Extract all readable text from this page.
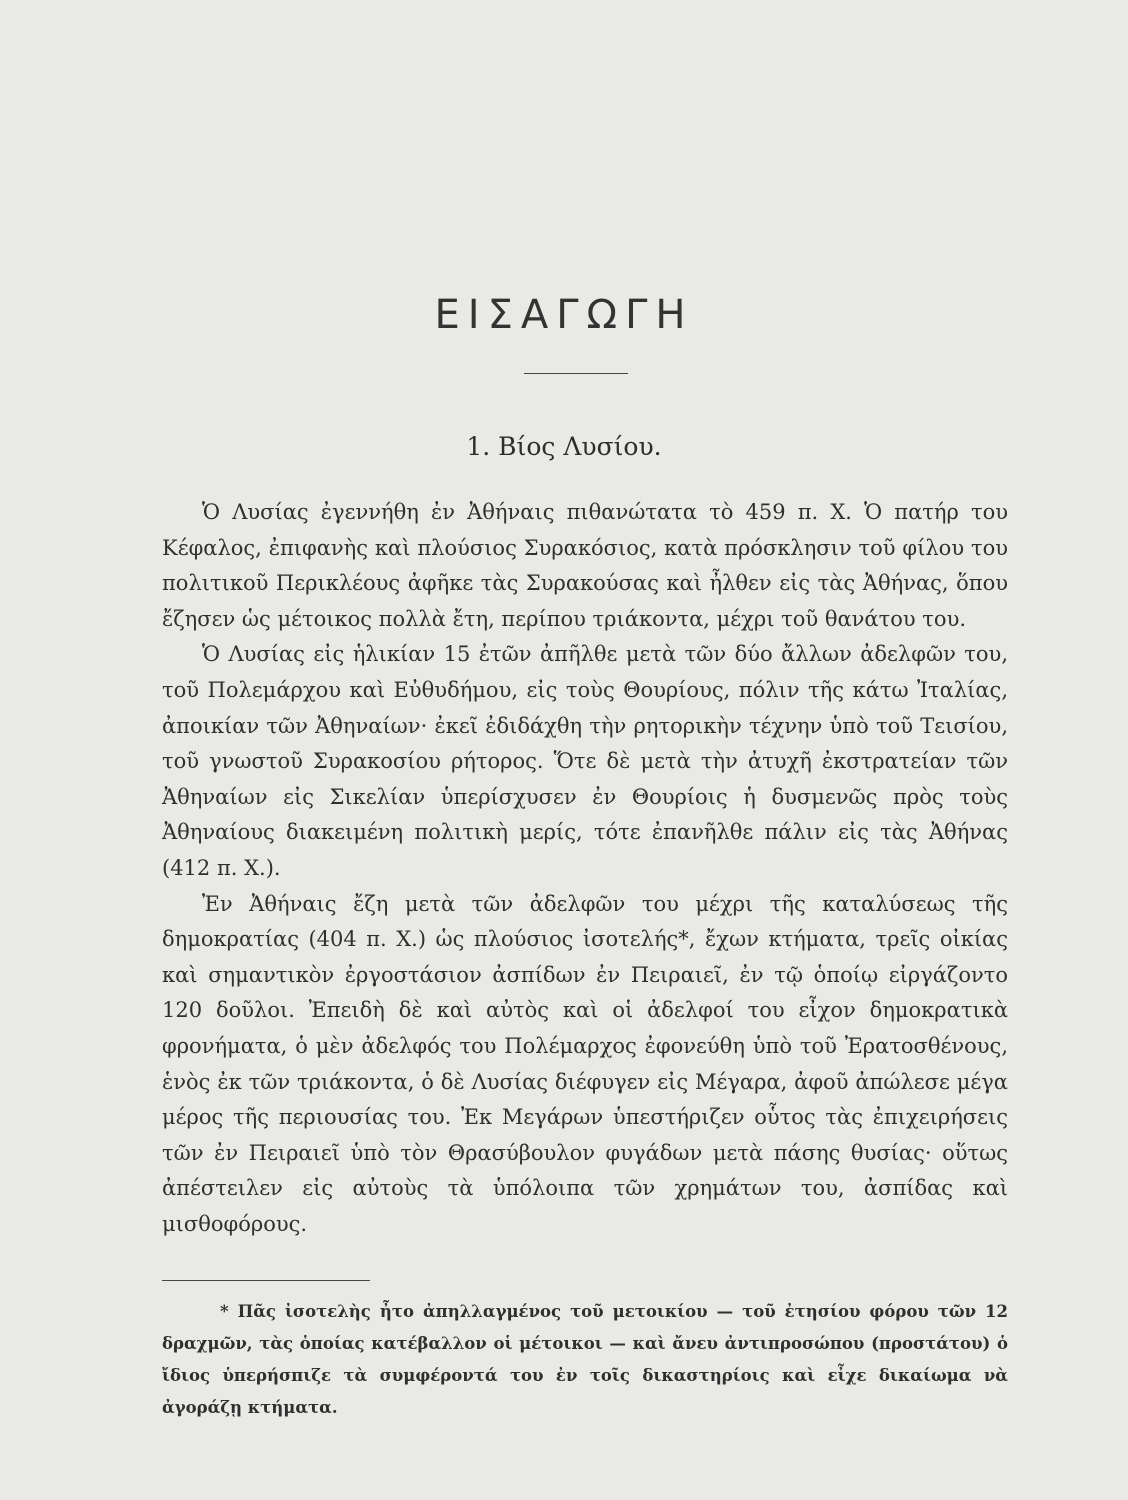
ΕΙΣΑΓΩΓΗ
1. Βίος Λυσίου.

Ὁ Λυσίας ἐγεννήθη ἐν Ἀθήναις πιθανώτατα τὸ 459 π. Χ. Ὁ πατήρ του Κέφαλος, ἐπιφανὴς καὶ πλούσιος Συρακόσιος, κατὰ πρόσκλησιν τοῦ φίλου του πολιτικοῦ Περικλέους ἀφῆκε τὰς Συρακούσας καὶ ἦλθεν εἰς τὰς Ἀθήνας, ὅπου ἔζησεν ὡς μέτοικος πολλὰ ἔτη, περίπου τριάκοντα, μέχρι τοῦ θανάτου του.

Ὁ Λυσίας εἰς ἡλικίαν 15 ἐτῶν ἀπῆλθε μετὰ τῶν δύο ἄλλων ἀδελφῶν του, τοῦ Πολεμάρχου καὶ Εὐθυδήμου, εἰς τοὺς Θουρίους, πόλιν τῆς κάτω Ἰταλίας, ἀποικίαν τῶν Ἀθηναίων· ἐκεῖ ἐδιδάχθη τὴν ρητορικὴν τέχνην ὑπὸ τοῦ Τεισίου, τοῦ γνωστοῦ Συρακοσίου ρήτορος. Ὅτε δὲ μετὰ τὴν ἀτυχῆ ἐκστρατείαν τῶν Ἀθηναίων εἰς Σικελίαν ὑπερίσχυσεν ἐν Θουρίοις ἡ δυσμενῶς πρὸς τοὺς Ἀθηναίους διακειμένη πολιτικὴ μερίς, τότε ἐπανῆλθε πάλιν εἰς τὰς Ἀθήνας (412 π. Χ.).

Ἐν Ἀθήναις ἔζη μετὰ τῶν ἀδελφῶν του μέχρι τῆς καταλύσεως τῆς δημοκρατίας (404 π. Χ.) ὡς πλούσιος ἰσοτελής*, ἔχων κτήματα, τρεῖς οἰκίας καὶ σημαντικὸν ἐργοστάσιον ἀσπίδων ἐν Πειραιεῖ, ἐν τῷ ὁποίῳ εἰργάζοντο 120 δοῦλοι. Ἐπειδὴ δὲ καὶ αὐτὸς καὶ οἱ ἀδελφοί του εἶχον δημοκρατικὰ φρονήματα, ὁ μὲν ἀδελφός του Πολέμαρχος ἐφονεύθη ὑπὸ τοῦ Ἐρατοσθένους, ἑνὸς ἐκ τῶν τριάκοντα, ὁ δὲ Λυσίας διέφυγεν εἰς Μέγαρα, ἀφοῦ ἀπώλεσε μέγα μέρος τῆς περιουσίας του. Ἐκ Μεγάρων ὑπεστήριζεν οὗτος τὰς ἐπιχειρήσεις τῶν ἐν Πειραιεῖ ὑπὸ τὸν Θρασύβουλον φυγάδων μετὰ πάσης θυσίας· οὕτως ἀπέστειλεν εἰς αὐτοὺς τὰ ὑπόλοιπα τῶν χρημάτων του, ἀσπίδας καὶ μισθοφόρους.

* Πᾶς ἰσοτελὴς ἦτο ἀπηλλαγμένος τοῦ μετοικίου — τοῦ ἐτησίου φόρου τῶν 12 δραχμῶν, τὰς ὁποίας κατέβαλλον οἱ μέτοικοι — καὶ ἄνευ ἀντιπροσώπου (προστάτου) ὁ ἴδιος ὑπερήσπιζε τὰ συμφέροντά του ἐν τοῖς δικαστηρίοις καὶ εἶχε δικαίωμα νὰ ἀγοράζῃ κτήματα.
